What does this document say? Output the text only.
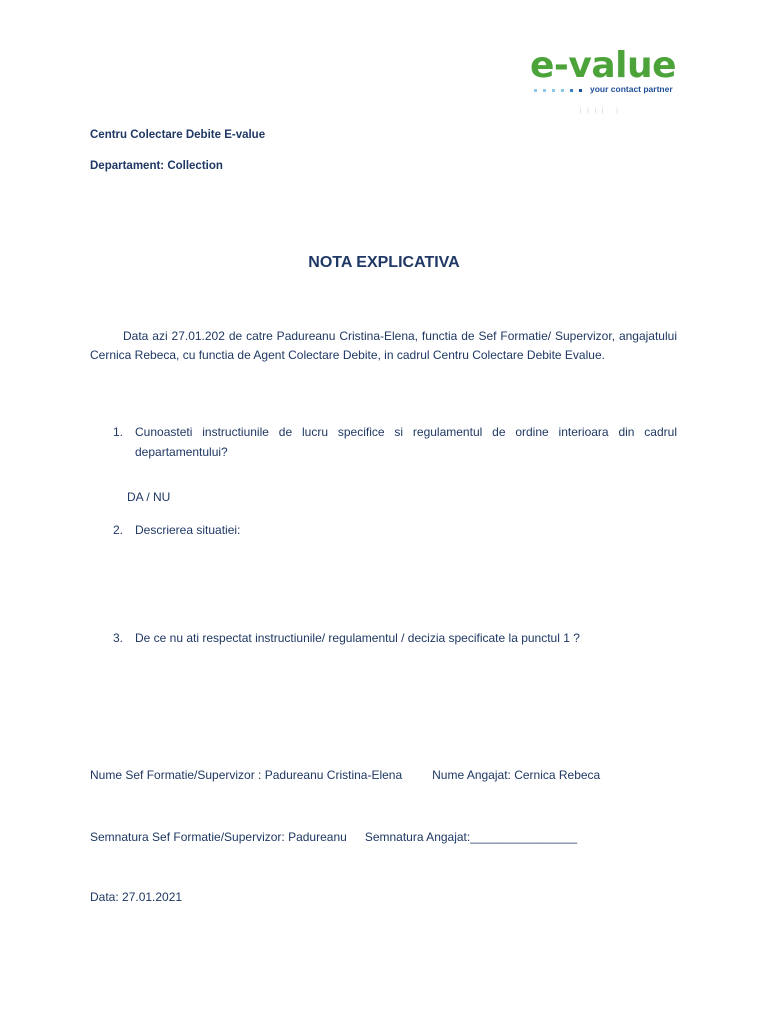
e-value
your contact partner
| | | |   |
Centru Colectare Debite E-value
Departament: Collection
NOTA EXPLICATIVA
Data azi 27.01.202 de catre Padureanu Cristina-Elena, functia de Sef Formatie/ Supervizor, angajatului Cernica Rebeca, cu functia de Agent Colectare Debite, in cadrul Centru Colectare Debite Evalue.
1. Cunoasteti instructiunile de lucru specifice si regulamentul de ordine interioara din cadrul departamentului?
DA / NU
2. Descrierea situatiei:
3. De ce nu ati respectat instructiunile/ regulamentul / decizia specificate la punctul 1 ?
Nume Sef Formatie/Supervizor : Padureanu Cristina-Elena	Nume Angajat: Cernica Rebeca
Semnatura Sef Formatie/Supervizor: Padureanu Semnatura Angajat:________________
Data: 27.01.2021
